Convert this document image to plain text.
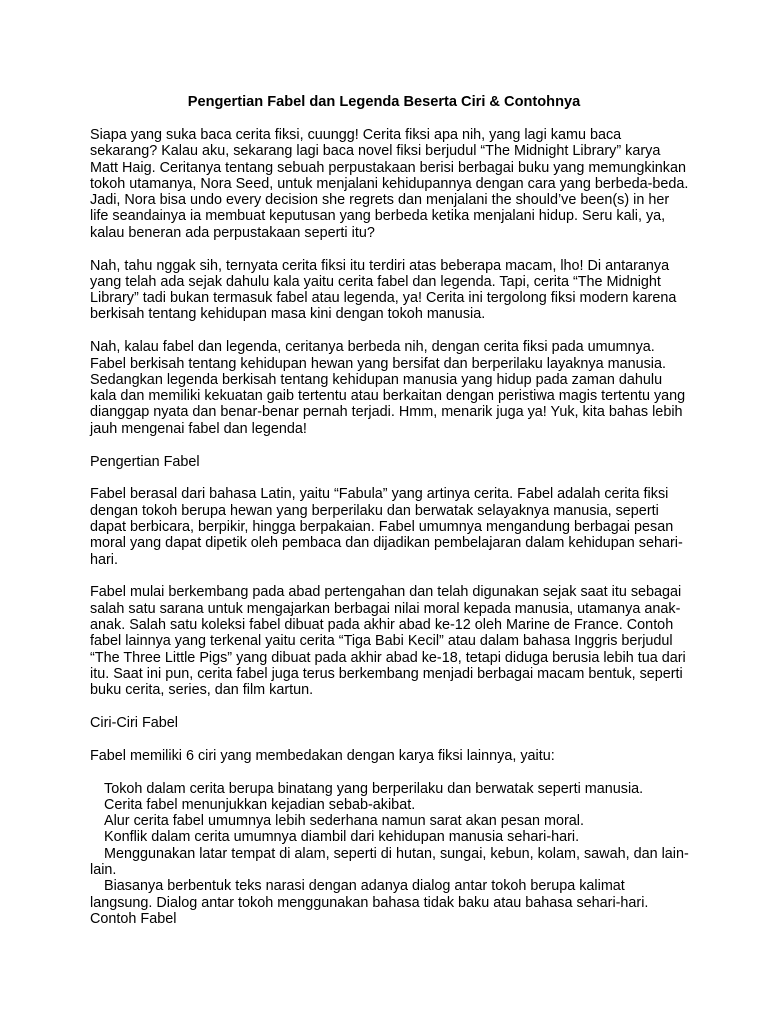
Pengertian Fabel dan Legenda Beserta Ciri & Contohnya

Siapa yang suka baca cerita fiksi, cuungg! Cerita fiksi apa nih, yang lagi kamu baca sekarang? Kalau aku, sekarang lagi baca novel fiksi berjudul “The Midnight Library” karya Matt Haig. Ceritanya tentang sebuah perpustakaan berisi berbagai buku yang memungkinkan tokoh utamanya, Nora Seed, untuk menjalani kehidupannya dengan cara yang berbeda-beda. Jadi, Nora bisa undo every decision she regrets dan menjalani the should’ve been(s) in her life seandainya ia membuat keputusan yang berbeda ketika menjalani hidup. Seru kali, ya, kalau beneran ada perpustakaan seperti itu?

Nah, tahu nggak sih, ternyata cerita fiksi itu terdiri atas beberapa macam, lho! Di antaranya yang telah ada sejak dahulu kala yaitu cerita fabel dan legenda. Tapi, cerita “The Midnight Library” tadi bukan termasuk fabel atau legenda, ya! Cerita ini tergolong fiksi modern karena berkisah tentang kehidupan masa kini dengan tokoh manusia.

Nah, kalau fabel dan legenda, ceritanya berbeda nih, dengan cerita fiksi pada umumnya. Fabel berkisah tentang kehidupan hewan yang bersifat dan berperilaku layaknya manusia. Sedangkan legenda berkisah tentang kehidupan manusia yang hidup pada zaman dahulu kala dan memiliki kekuatan gaib tertentu atau berkaitan dengan peristiwa magis tertentu yang dianggap nyata dan benar-benar pernah terjadi. Hmm, menarik juga ya! Yuk, kita bahas lebih jauh mengenai fabel dan legenda!

Pengertian Fabel

Fabel berasal dari bahasa Latin, yaitu “Fabula” yang artinya cerita. Fabel adalah cerita fiksi dengan tokoh berupa hewan yang berperilaku dan berwatak selayaknya manusia, seperti dapat berbicara, berpikir, hingga berpakaian. Fabel umumnya mengandung berbagai pesan moral yang dapat dipetik oleh pembaca dan dijadikan pembelajaran dalam kehidupan sehari-hari.

Fabel mulai berkembang pada abad pertengahan dan telah digunakan sejak saat itu sebagai salah satu sarana untuk mengajarkan berbagai nilai moral kepada manusia, utamanya anak-anak. Salah satu koleksi fabel dibuat pada akhir abad ke-12 oleh Marine de France. Contoh fabel lainnya yang terkenal yaitu cerita “Tiga Babi Kecil” atau dalam bahasa Inggris berjudul “The Three Little Pigs” yang dibuat pada akhir abad ke-18, tetapi diduga berusia lebih tua dari itu. Saat ini pun, cerita fabel juga terus berkembang menjadi berbagai macam bentuk, seperti buku cerita, series, dan film kartun.

Ciri-Ciri Fabel

Fabel memiliki 6 ciri yang membedakan dengan karya fiksi lainnya, yaitu:

Tokoh dalam cerita berupa binatang yang berperilaku dan berwatak seperti manusia.
Cerita fabel menunjukkan kejadian sebab-akibat.
Alur cerita fabel umumnya lebih sederhana namun sarat akan pesan moral.
Konflik dalam cerita umumnya diambil dari kehidupan manusia sehari-hari.
Menggunakan latar tempat di alam, seperti di hutan, sungai, kebun, kolam, sawah, dan lain-lain.
Biasanya berbentuk teks narasi dengan adanya dialog antar tokoh berupa kalimat langsung. Dialog antar tokoh menggunakan bahasa tidak baku atau bahasa sehari-hari.

Contoh Fabel
